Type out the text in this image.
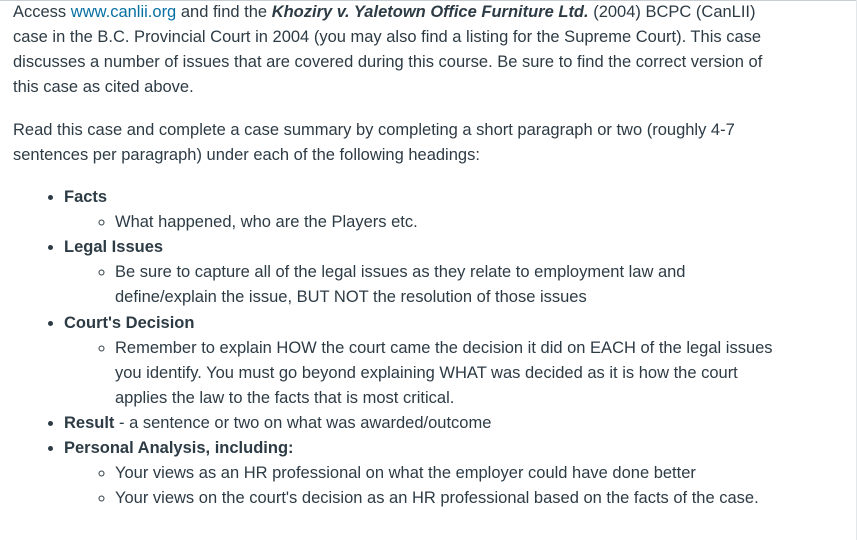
Access www.canlii.org and find the Khoziry v. Yaletown Office Furniture Ltd. (2004) BCPC (CanLII) case in the B.C. Provincial Court in 2004 (you may also find a listing for the Supreme Court). This case discusses a number of issues that are covered during this course. Be sure to find the correct version of this case as cited above.

Read this case and complete a case summary by completing a short paragraph or two (roughly 4-7 sentences per paragraph) under each of the following headings:

• Facts
◦ What happened, who are the Players etc.
• Legal Issues
◦ Be sure to capture all of the legal issues as they relate to employment law and define/explain the issue, BUT NOT the resolution of those issues
• Court's Decision
◦ Remember to explain HOW the court came the decision it did on EACH of the legal issues you identify. You must go beyond explaining WHAT was decided as it is how the court applies the law to the facts that is most critical.
• Result - a sentence or two on what was awarded/outcome
• Personal Analysis, including:
◦ Your views as an HR professional on what the employer could have done better
◦ Your views on the court's decision as an HR professional based on the facts of the case.
